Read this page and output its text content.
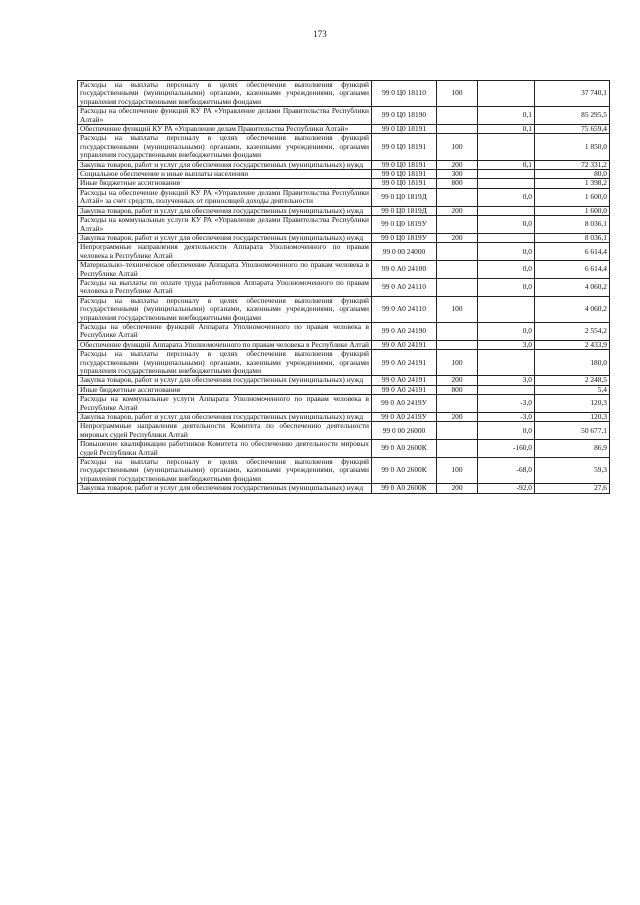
173
Расходы на выплаты персоналу в целях обеспечения выполнения функций государственными (муниципальными) органами, казенными учреждениями, органами управления государственными внебюджетными фондами	99 0 Ц0 18110	100		37 740,1
Расходы на обеспечение функций КУ РА «Управление делами Правительства Республики Алтай»	99 0 Ц0 18190		0,1	85 295,5
Обеспечение функций КУ РА «Управление делам Правительства Республики Алтай»	99 0 Ц0 18191		0,1	75 659,4
Расходы на выплаты персоналу в целях обеспечения выполнения функций государственными (муниципальными) органами, казенными учреждениями, органами управления государственными внебюджетными фондами	99 0 Ц0 18191	100		1 850,0
Закупка товаров, работ и услуг для обеспечения государственных (муниципальных) нужд	99 0 Ц0 18191	200	0,1	72 331,2
Социальное обеспечение и иные выплаты населению	99 0 Ц0 18191	300		80,0
Иные бюджетные ассигнования	99 0 Ц0 18191	800		1 398,2
Расходы на обеспечение функций КУ РА «Управление делами Правительства Республики Алтай» за счет средств, полученных от приносящей доходы деятельности	99 0 Ц0 1819Д		0,0	1 600,0
Закупка товаров, работ и услуг для обеспечения государственных (муниципальных) нужд	99 0 Ц0 1819Д	200		1 600,0
Расходы на коммунальные услуги КУ РА «Управление делами Правительства Республики Алтай»	99 0 Ц0 1819У		0,0	8 036,1
Закупка товаров, работ и услуг для обеспечения государственных (муниципальных) нужд	99 0 Ц0 1819У	200		8 036,1
Непрограммные направления деятельности Аппарата Уполномоченного по правам человека в Республике Алтай	99 0 00 24000		0,0	6 614,4
Материально–техническое обеспечение Аппарата Уполномоченного по правам человека в Республике Алтай	99 0 А0 24100		0,0	6 614,4
Расходы на выплаты по оплате труда работников Аппарата Уполномоченного по правам человека в Республике Алтай	99 0 А0 24110		0,0	4 060,2
Расходы на выплаты персоналу в целях обеспечения выполнения функций государственными (муниципальными) органами, казенными учреждениями, органами управления государственными внебюджетными фондами	99 0 А0 24110	100		4 060,2
Расходы на обеспечение функций Аппарата Уполномоченного по правам человека в Республике Алтай	99 0 А0 24190		0,0	2 554,2
Обеспечение функций Аппарата Уполномоченного по правам человека в Республике Алтай	99 0 А0 24191		3,0	2 433,9
Расходы на выплаты персоналу в целях обеспечения выполнения функций государственными (муниципальными) органами, казенными учреждениями, органами управления государственными внебюджетными фондами	99 0 А0 24191	100		180,0
Закупка товаров, работ и услуг для обеспечения государственных (муниципальных) нужд	99 0 А0 24191	200	3,0	2 248,5
Иные бюджетные ассигнования	99 0 А0 24191	800		5,4
Расходы на коммунальные услуги Аппарата Уполномоченного по правам человека в Республике Алтай	99 0 А0 2419У		-3,0	120,3
Закупка товаров, работ и услуг для обеспечения государственных (муниципальных) нужд	99 0 А0 2419У	200	-3,0	120,3
Непрограммные направления деятельности Комитета по обеспечению деятельности мировых судей Республики Алтай	99 0 00 26000		0,0	50 677,1
Повышение квалификации работников Комитета по обеспечению деятельности мировых судей Республики Алтай	99 0 А0 2600К		-160,0	86,9
Расходы на выплаты персоналу в целях обеспечения выполнения функций государственными (муниципальными) органами, казенными учреждениями, органами управления государственными внебюджетными фондами	99 0 А0 2600К	100	-68,0	59,3
Закупка товаров, работ и услуг для обеспечения государственных (муниципальных) нужд	99 0 А0 2600К	200	-92,0	27,6
